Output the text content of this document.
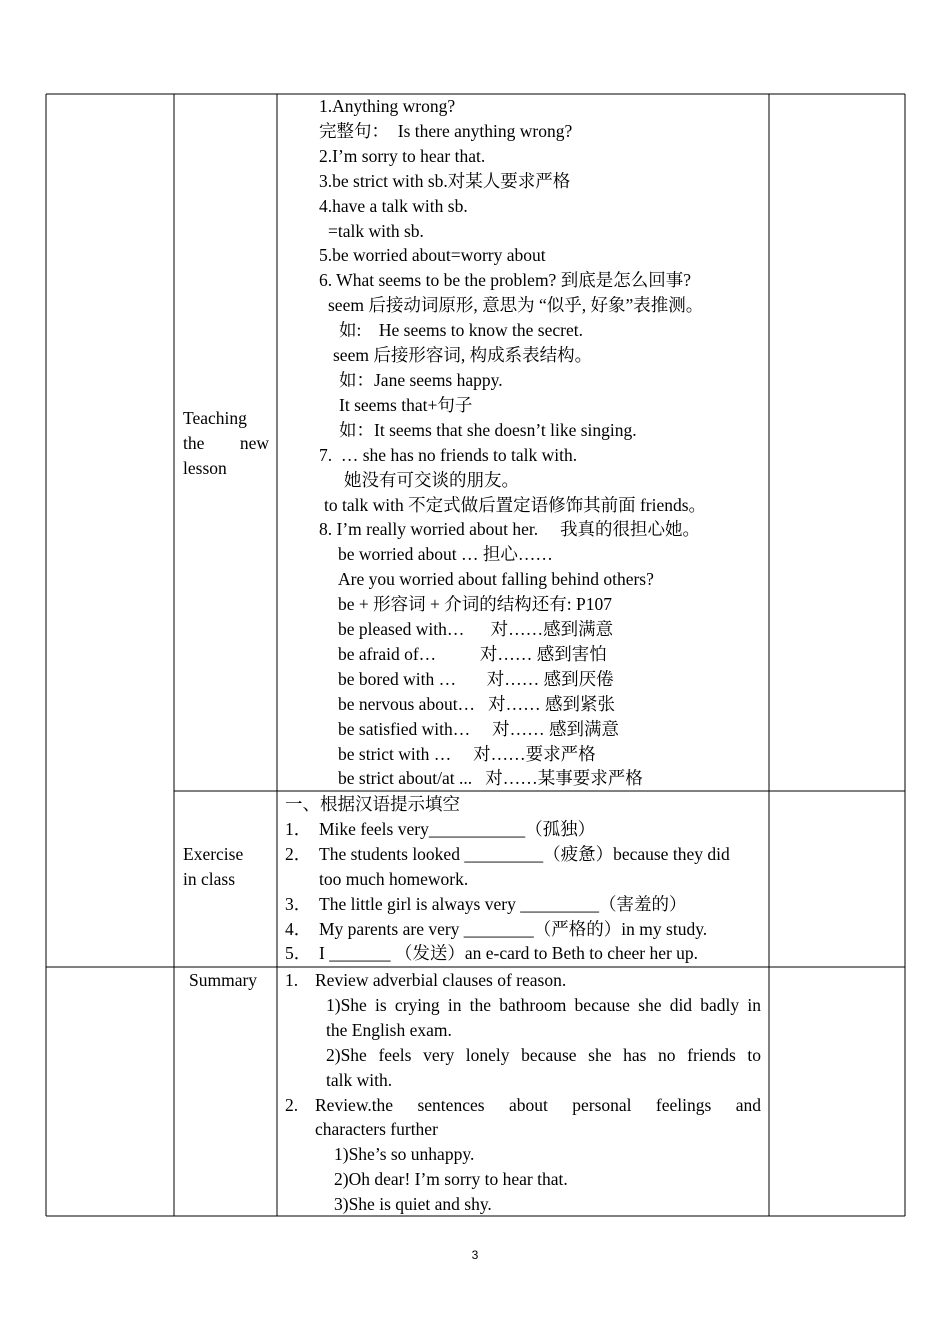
Teaching
the new
lesson
1.Anything wrong?
完整句：  Is there anything wrong?
2.I’m sorry to hear that.
3.be strict with sb.对某人要求严格
4.have a talk with sb.
=talk with sb.
5.be worried about=worry about
6. What seems to be the problem? 到底是怎么回事?
seem 后接动词原形, 意思为 “似乎, 好象”表推测。
如:    He seems to know the secret.
seem 后接形容词, 构成系表结构。
如：Jane seems happy.
It seems that+句子
如：It seems that she doesn’t like singing.
7.  … she has no friends to talk with.
她没有可交谈的朋友。
to talk with 不定式做后置定语修饰其前面 friends。
8. I’m really worried about her.     我真的很担心她。
be worried about … 担心……
Are you worried about falling behind others?
be + 形容词 + 介词的结构还有: P107
be pleased with…      对……感到满意
be afraid of…          对…… 感到害怕
be bored with …       对…… 感到厌倦
be nervous about…   对…… 感到紧张
be satisfied with…     对…… 感到满意
be strict with …     对……要求严格
be strict about/at ...   对……某事要求严格
Exercise
in class
一、根据汉语提示填空
1． Mike feels very___________（孤独）
2． The students looked _________（疲惫）because they did
too much homework.
3． The little girl is always very _________（害羞的）
4． My parents are very ________（严格的）in my study.
5． I _______ （发送）an e-card to Beth to cheer her up.
Summary	1. Review adverbial clauses of reason.
1)She is crying in the bathroom because she did badly in
the English exam.
2)She feels very lonely because she has no friends to
talk with.
2. Review.the sentences about personal feelings and
characters further
1)She’s so unhappy.
2)Oh dear! I’m sorry to hear that.
3)She is quiet and shy.
3
